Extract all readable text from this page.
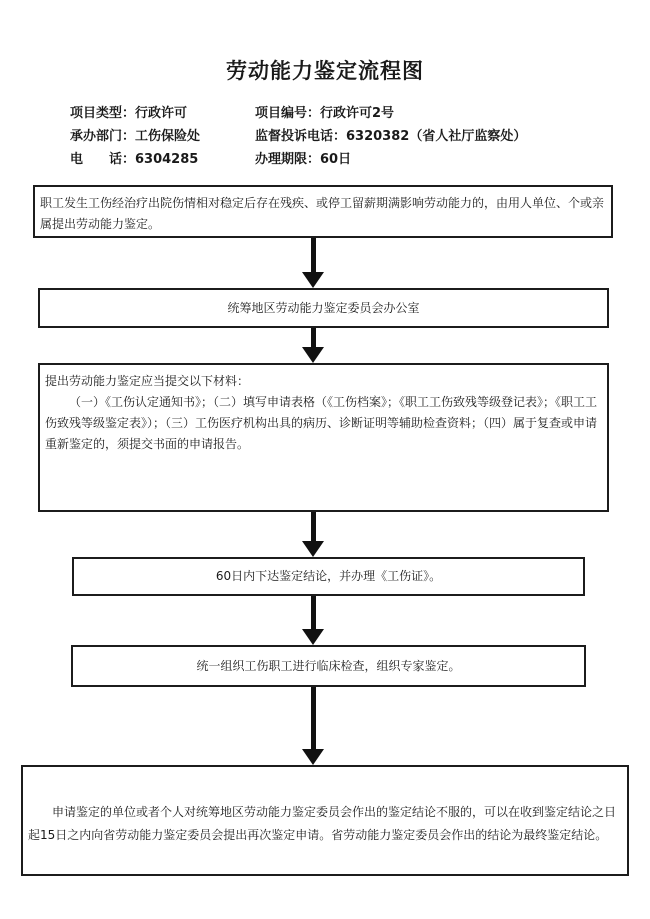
劳动能力鉴定流程图
项目类型：行政许可	项目编号：行政许可2号
承办部门：工伤保险处	监督投诉电话：6320382（省人社厅监察处）
电　　话：6304285	办理期限：60日

职工发生工伤经治疗出院伤情相对稳定后存在残疾、或停工留薪期满影响劳动能力的，由用人单位、个或亲属提出劳动能力鉴定。

统筹地区劳动能力鉴定委员会办公室

提出劳动能力鉴定应当提交以下材料：

（一）《工伤认定通知书》；（二）填写申请表格（《工伤档案》；《职工工伤致残等级登记表》；《职工工伤致残等级鉴定表》）；（三）工伤医疗机构出具的病历、诊断证明等辅助检查资料；（四）属于复查或申请重新鉴定的，须提交书面的申请报告。

60日内下达鉴定结论，并办理《工伤证》。

统一组织工伤职工进行临床检查，组织专家鉴定。

申请鉴定的单位或者个人对统筹地区劳动能力鉴定委员会作出的鉴定结论不服的，可以在收到鉴定结论之日起15日之内向省劳动能力鉴定委员会提出再次鉴定申请。省劳动能力鉴定委员会作出的结论为最终鉴定结论。
